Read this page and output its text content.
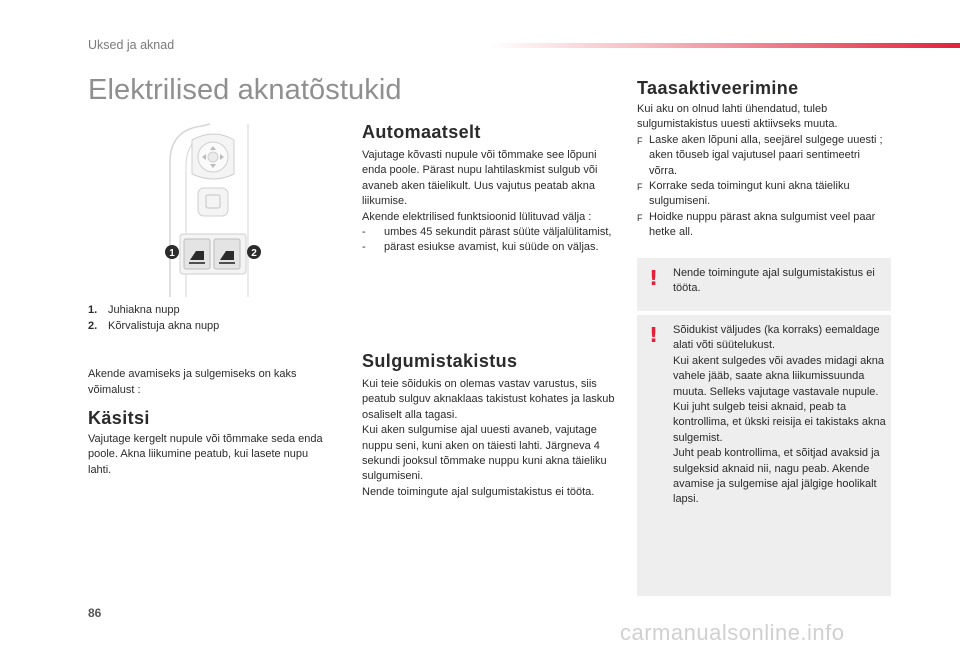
Uksed ja aknad
Elektrilised aknatõstukid
1	2
1. Juhiakna nupp
2. Kõrvalistuja akna nupp

Akende avamiseks ja sulgemiseks on kaks võimalust :

Käsitsi

Vajutage kergelt nupule või tõmmake seda enda poole. Akna liikumine peatub, kui lasete nupu lahti.

Automaatselt

Vajutage kõvasti nupule või tõmmake see lõpuni enda poole. Pärast nupu lahtilaskmist sulgub või avaneb aken täielikult. Uus vajutus peatab akna liikumise.

Akende elektrilised funktsioonid lülituvad välja :

-	umbes 45 sekundit pärast süüte väljalülitamist,
-	pärast esiukse avamist, kui süüde on väljas.
Sulgumistakistus

Kui teie sõidukis on olemas vastav varustus, siis peatub sulguv aknaklaas takistust kohates ja laskub osaliselt alla tagasi.
Kui aken sulgumise ajal uuesti avaneb, vajutage nuppu seni, kuni aken on täiesti lahti. Järgneva 4 sekundi jooksul tõmmake nuppu kuni akna täieliku sulgumiseni.
Nende toimingute ajal sulgumistakistus ei tööta.

Taasaktiveerimine

Kui aku on olnud lahti ühendatud, tuleb sulgumistakistus uuesti aktiivseks muuta.

F Laske aken lõpuni alla, seejärel sulgege uuesti ; aken tõuseb igal vajutusel paari sentimeetri võrra.
F Korrake seda toimingut kuni akna täieliku sulgumiseni.
F Hoidke nuppu pärast akna sulgumist veel paar hetke all.
! Nende toimingute ajal sulgumistakistus ei tööta.

! Sõidukist väljudes (ka korraks) eemaldage alati võti süütelukust.
Kui akent sulgedes või avades midagi akna vahele jääb, saate akna liikumissuunda muuta. Selleks vajutage vastavale nupule.
Kui juht sulgeb teisi aknaid, peab ta kontrollima, et ükski reisija ei takistaks akna sulgemist.
Juht peab kontrollima, et sõitjad avaksid ja sulgeksid aknaid nii, nagu peab. Akende avamise ja sulgemise ajal jälgige hoolikalt lapsi.

86
carmanualsonline.info
